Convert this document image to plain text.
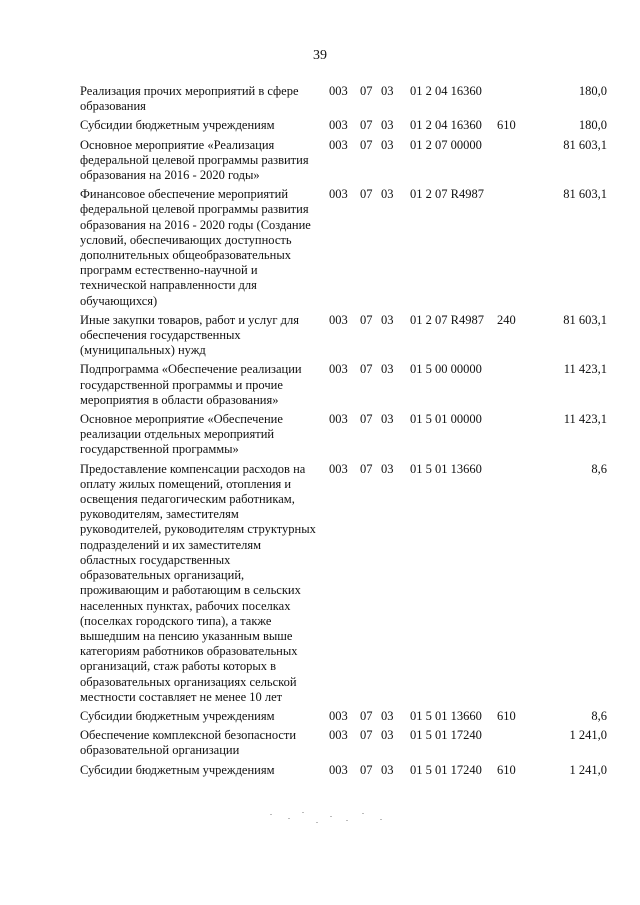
39
Реализация прочих мероприятий в сфере образования
003 07 03 01 2 04 16360	180,0
Субсидии бюджетным учреждениям	003 07 03 01 2 04 16360 610	180,0
Основное мероприятие «Реализация федеральной целевой программы развития образования на 2016 - 2020 годы»
003 07 03 01 2 07 00000	81 603,1
Финансовое обеспечение мероприятий федеральной целевой программы развития образования на 2016 - 2020 годы (Создание условий, обеспечивающих доступность дополнительных общеобразовательных программ естественно-научной и технической направленности для обучающихся)
003 07 03 01 2 07 R4987	81 603,1
Иные закупки товаров, работ и услуг для обеспечения государственных (муниципальных) нужд
003 07 03 01 2 07 R4987 240	81 603,1
Подпрограмма «Обеспечение реализации государственной программы и прочие мероприятия в области образования»
003 07 03 01 5 00 00000	11 423,1
Основное мероприятие «Обеспечение реализации отдельных мероприятий государственной программы»
003 07 03 01 5 01 00000	11 423,1
Предоставление компенсации расходов на оплату жилых помещений, отопления и освещения педагогическим работникам, руководителям, заместителям руководителей, руководителям структурных подразделений и их заместителям областных государственных образовательных организаций, проживающим и работающим в сельских населенных пунктах, рабочих поселках (поселках городского типа), а также вышедшим на пенсию указанным выше категориям работников образовательных организаций, стаж работы которых в образовательных организациях сельской местности составляет не менее 10 лет
003 07 03 01 5 01 13660	8,6
Субсидии бюджетным учреждениям	003 07 03 01 5 01 13660 610	8,6
Обеспечение комплексной безопасности образовательной организации
003 07 03 01 5 01 17240	1 241,0
Субсидии бюджетным учреждениям	003 07 03 01 5 01 17240 610	1 241,0
